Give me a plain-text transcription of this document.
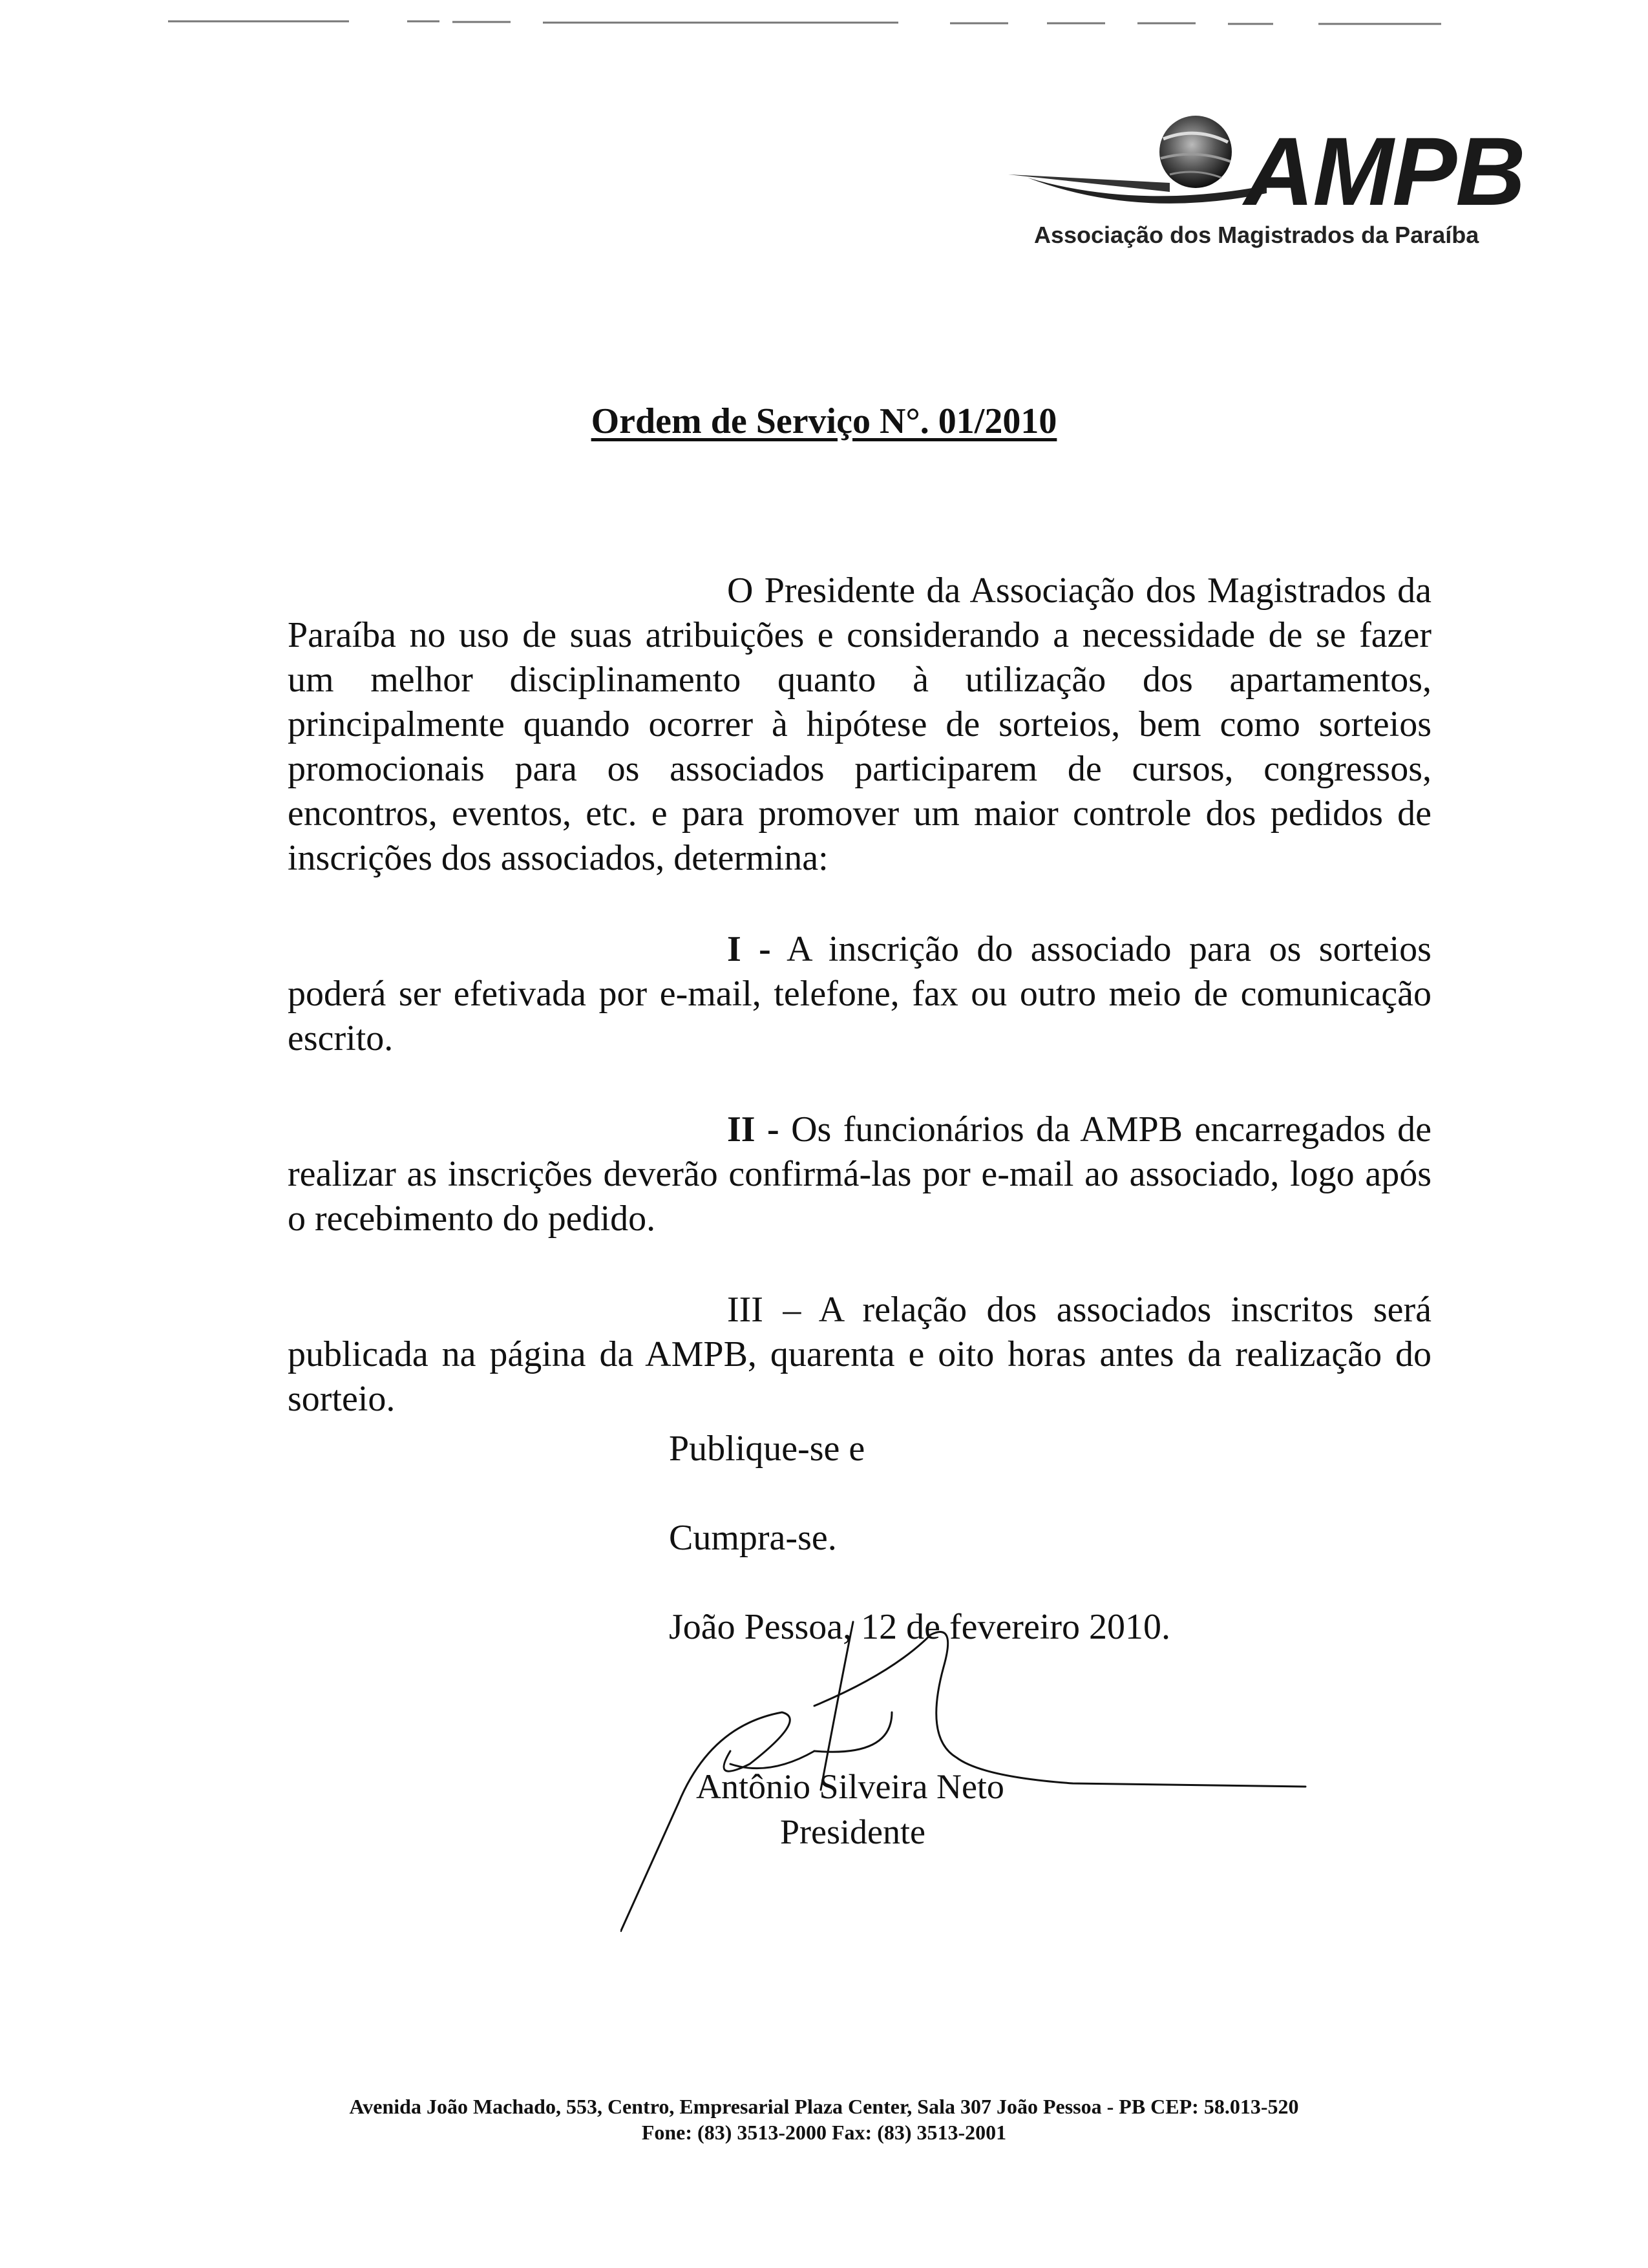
AMPB
Associação dos Magistrados da Paraíba
Ordem de Serviço N°. 01/2010

O Presidente da Associação dos Magistrados da Paraíba no uso de suas atribuições e considerando a necessidade de se fazer um melhor disciplinamento quanto à utilização dos apartamentos, principalmente quando ocorrer à hipótese de sorteios, bem como sorteios promocionais para os associados participarem de cursos, congressos, encontros, eventos, etc. e para promover um maior controle dos pedidos de inscrições dos associados, determina:

I - A inscrição do associado para os sorteios poderá ser efetivada por e-mail, telefone, fax ou outro meio de comunicação escrito.

II - Os funcionários da AMPB encarregados de realizar as inscrições deverão confirmá-las por e-mail ao associado, logo após o recebimento do pedido.

III – A relação dos associados inscritos será publicada na página da AMPB, quarenta e oito horas antes da realização do sorteio.

Publique-se e
Cumpra-se.
João Pessoa, 12 de fevereiro 2010.
Antônio Silveira Neto
Presidente
Avenida João Machado, 553, Centro, Empresarial Plaza Center, Sala 307 João Pessoa - PB CEP: 58.013-520
Fone: (83) 3513-2000 Fax: (83) 3513-2001
